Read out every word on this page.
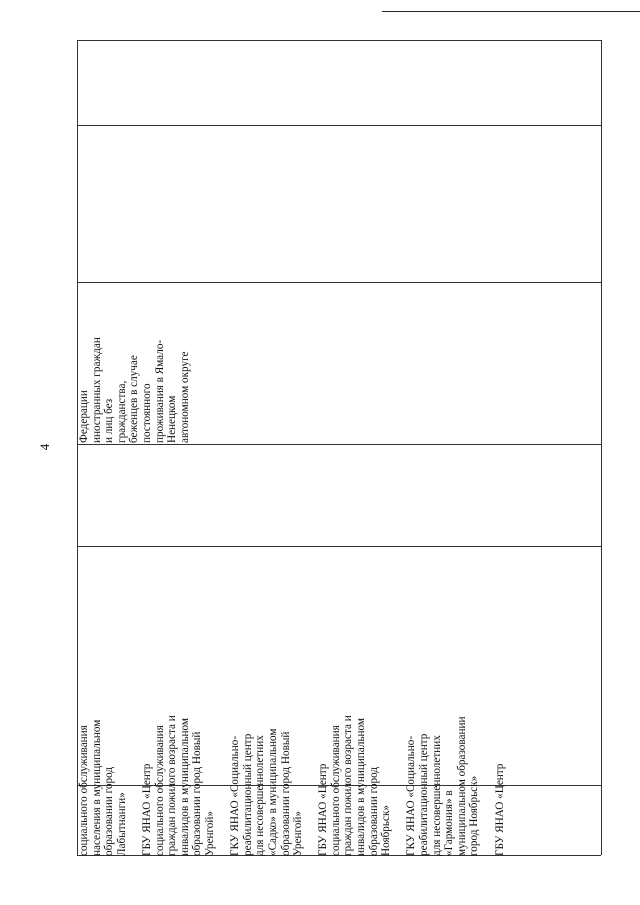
4

социального обслуживания населения в муниципальном образовании город Лабытнанги» ГБУ ЯНАО «Центр социального обслуживания граждан пожилого возраста и инвалидов в муниципальном образовании город Новый Уренгой» ГКУ ЯНАО «Социально- реабилитационный центр для несовершеннолетних «Садко» в муниципальном образовании город Новый Уренгой» ГБУ ЯНАО «Центр социального обслуживания граждан пожилого возраста и инвалидов в муниципальном образовании город Ноябрьск» ГКУ ЯНАО «Социально- реабилитационный центр для несовершеннолетних «Гармония» в муниципальном образовании город Ноябрьск» ГБУ ЯНАО «Центр

Федерации иностранных граждан и лиц без гражданства, беженцев в случае постоянного проживания в Ямало- Ненецком автономном округе
